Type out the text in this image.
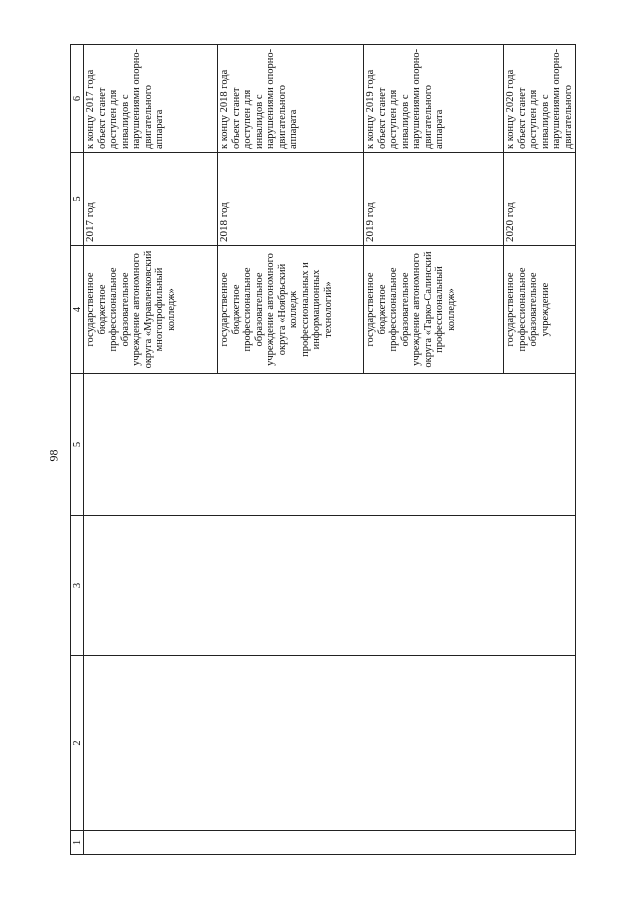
98
1	2	3	5	4	5	6
				государственное бюджетное профессиональное образовательное учреждение автономного округа «Муравленковский многопрофильный колледж»	2017 год	к концу 2017 года объект станет доступен для инвалидов с нарушениями опорно-двигательного аппарата
				государственное бюджетное профессиональное образовательное учреждение автономного округа «Ноябрьский колледж профессиональных и информационных технологий»	2018 год	к концу 2018 года объект станет доступен для инвалидов с нарушениями опорно-двигательного аппарата
				государственное бюджетное профессиональное образовательное учреждение автономного округа «Тарко-Салинский профессиональный колледж»	2019 год	к концу 2019 года объект станет доступен для инвалидов с нарушениями опорно-двигательного аппарата
				государственное профессиональное образовательное учреждение	2020 год	к концу 2020 года объект станет доступен для инвалидов с нарушениями опорно-двигательного
